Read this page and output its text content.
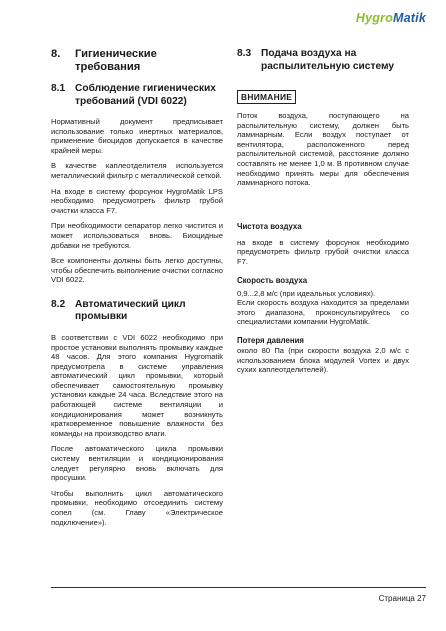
HygroMatik
8.	Гигиенические требования
8.1 Соблюдение гигиенических требований (VDI 6022)

Нормативный документ предписывает использование только инертных материалов, применение биоцидов допускается в качестве крайней меры.

В качестве каплеотделителя используется металлический фильтр с металлической сеткой.

На входе в систему форсунок HygroMatik LPS необходимо предусмотреть фильтр грубой очистки класса F7.

При необходимости сепаратор легко чистится и может использоваться вновь. Биоцидные добавки не требуются.

Все компоненты должны быть легко доступны, чтобы обеспечить выполнение очистки согласно VDI 6022.

8.2 Автоматический цикл промывки

В соответствии с VDI 6022 необходимо при простое установки выполнять промывку каждые 48 часов. Для этого компания Hygromatik предусмотрела в системе управления автоматический цикл промывки, который обеспечивает самостоятельную промывку установки каждые 24 часа. Вследствие этого на работающей системе вентиляции и кондиционирования может возникнуть кратковременное повышение влажности без команды на производство влаги.

После автоматического цикла промывки систему вентиляции и кондиционирования следует регулярно вновь включать для просушки.

Чтобы выполнить цикл автоматического промывки, необходимо отсоединить систему сопел (см. Главу «Электрическое подключение»).

8.3 Подача воздуха на распылительную систему
ВНИМАНИЕ

Поток воздуха, поступающего на распылительную систему, должен быть ламинарным. Если воздух поступает от вентилятора, расположенного перед распылительной системой, расстояние должно составлять не менее 1,0 м. В противном случае необходимо принять меры для обеспечения ламинарного потока.

Чистота воздуха

на входе в систему форсунок необходимо предусмотреть фильтр грубой очистки класса F7.

Скорость воздуха

0,9...2,8 м/с (при идеальных условиях).

Если скорость воздуха находится за пределами этого диапазона, проконсультируйтесь со специалистами компании HygroMatik.

Потеря давления

около 80 Па (при скорости воздуха 2,0 м/с с использованием блока модулей Vortex и двух сухих каплеотделителей).

Страница 27
